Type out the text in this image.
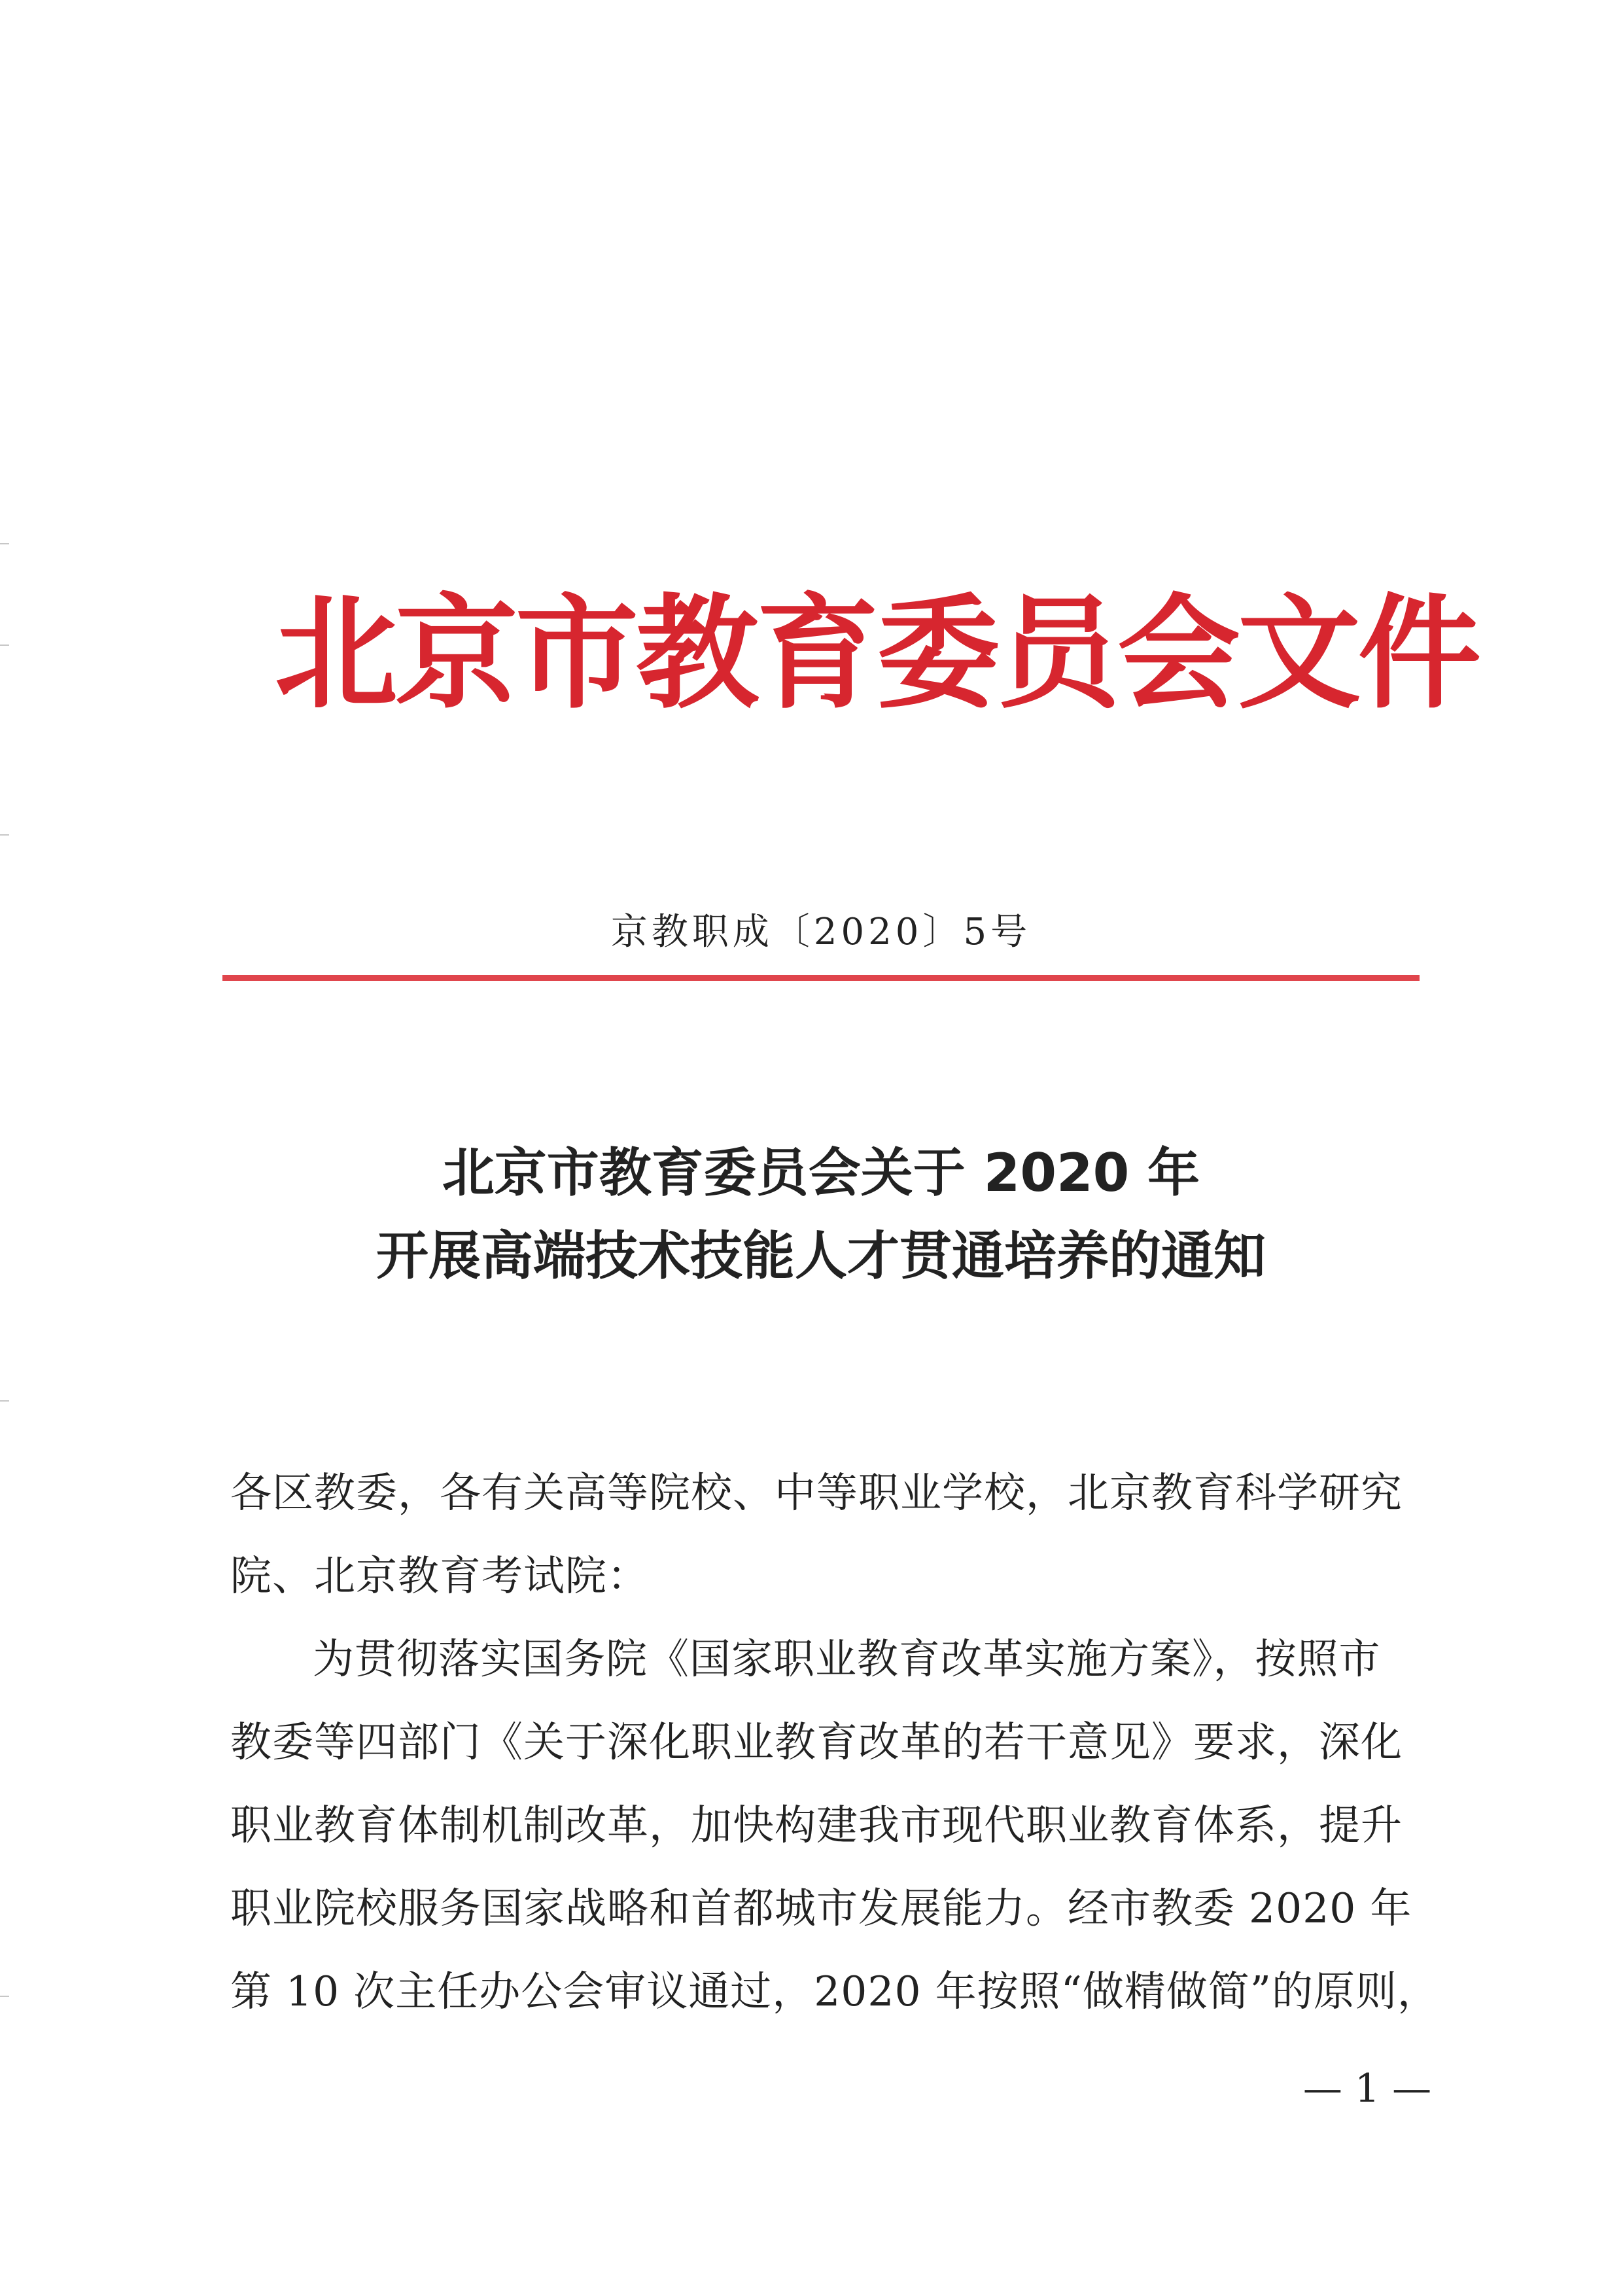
北京市教育委员会文件
京教职成〔2020〕5号
北京市教育委员会关于 2020 年
开展高端技术技能人才贯通培养的通知
各区教委，各有关高等院校、中等职业学校，北京教育科学研究
院、北京教育考试院：
为贯彻落实国务院《国家职业教育改革实施方案》，按照市
教委等四部门《关于深化职业教育改革的若干意见》要求，深化
职业教育体制机制改革，加快构建我市现代职业教育体系，提升
职业院校服务国家战略和首都城市发展能力。经市教委 2020 年
第 10 次主任办公会审议通过，2020 年按照“做精做简”的原则，
— 1 —
